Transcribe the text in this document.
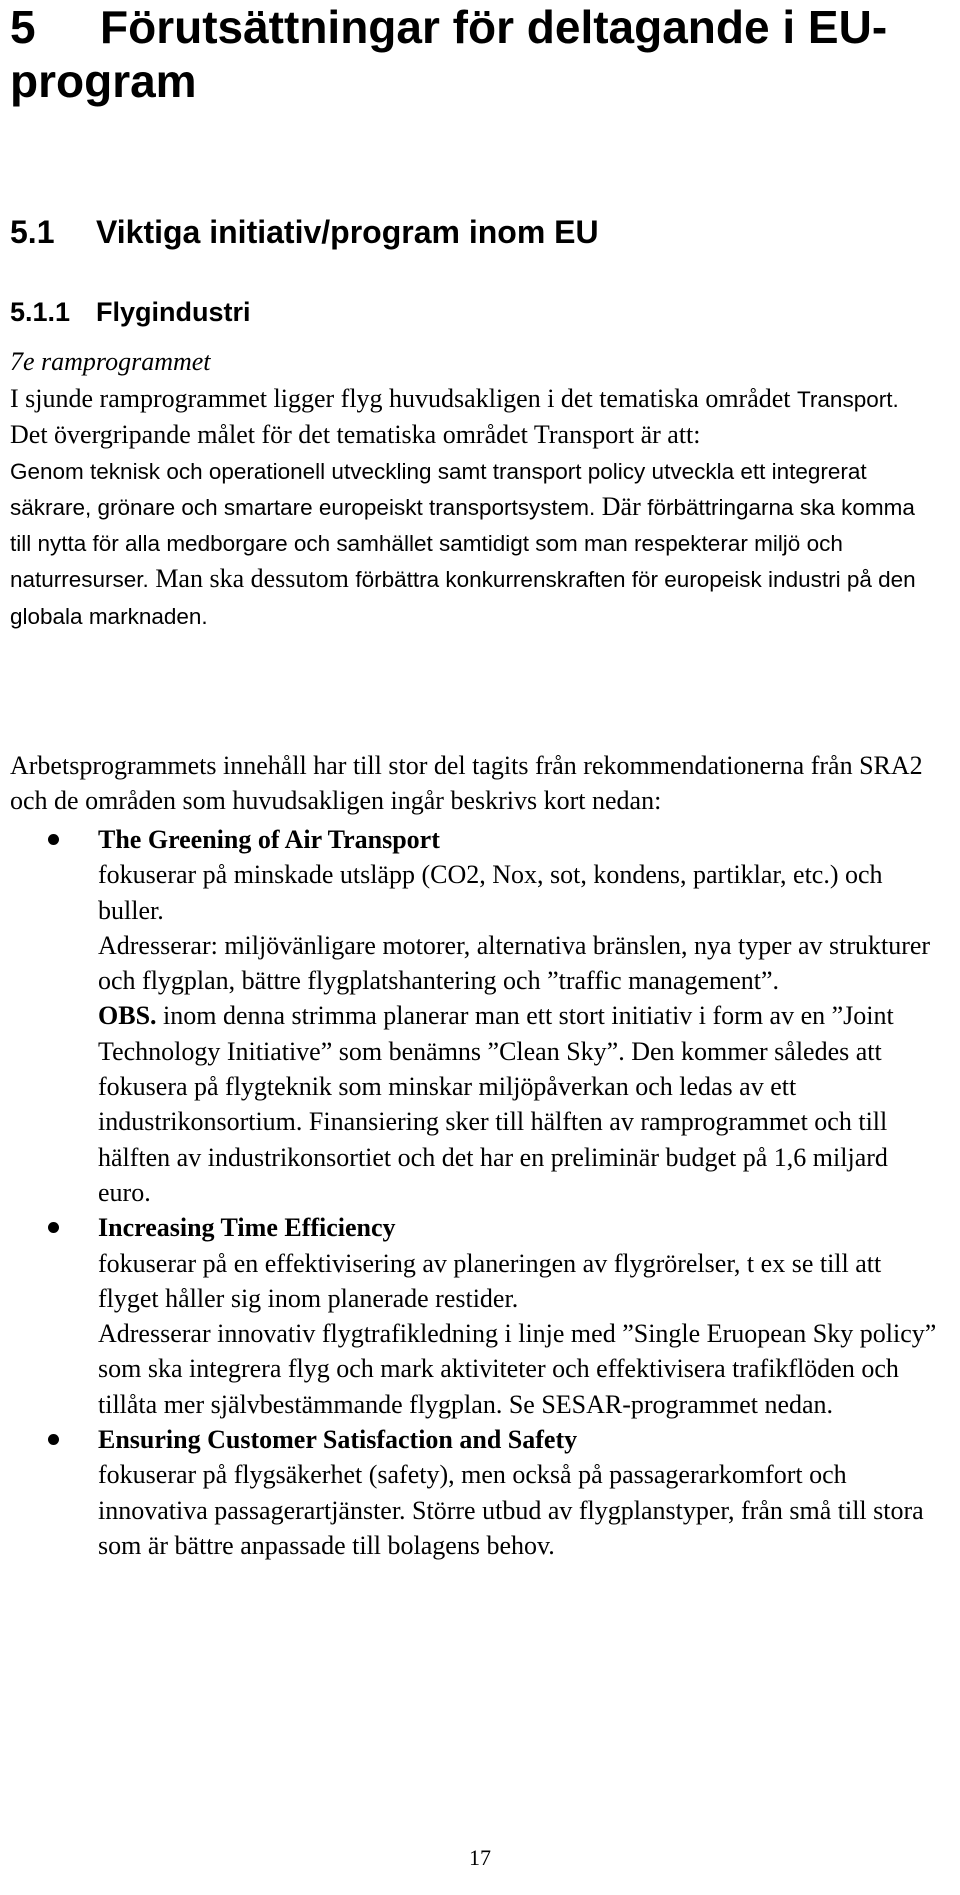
5 Förutsättningar för deltagande i EU-program
5.1 Viktiga initiativ/program inom EU
5.1.1 Flygindustri
7e ramprogrammet

I sjunde ramprogrammet ligger flyg huvudsakligen i det tematiska området Transport. Det övergripande målet för det tematiska området Transport är att:
Genom teknisk och operationell utveckling samt transport policy utveckla ett integrerat säkrare, grönare och smartare europeiskt transportsystem. Där förbättringarna ska komma till nytta för alla medborgare och samhället samtidigt som man respekterar miljö och naturresurser. Man ska dessutom förbättra konkurrenskraften för europeisk industri på den globala marknaden.

Arbetsprogrammets innehåll har till stor del tagits från rekommendationerna från SRA2 och de områden som huvudsakligen ingår beskrivs kort nedan:

The Greening of Air Transport
fokuserar på minskade utsläpp (CO2, Nox, sot, kondens, partiklar, etc.) och buller.
Adresserar: miljövänligare motorer, alternativa bränslen, nya typer av strukturer och flygplan, bättre flygplatshantering och ”traffic management”.
OBS. inom denna strimma planerar man ett stort initiativ i form av en ”Joint Technology Initiative” som benämns ”Clean Sky”. Den kommer således att fokusera på flygteknik som minskar miljöpåverkan och ledas av ett industrikonsortium. Finansiering sker till hälften av ramprogrammet och till hälften av industrikonsortiet och det har en preliminär budget på 1,6 miljard euro.
Increasing Time Efficiency
fokuserar på en effektivisering av planeringen av flygrörelser, t ex se till att flyget håller sig inom planerade restider.
Adresserar innovativ flygtrafikledning i linje med ”Single Eruopean Sky policy” som ska integrera flyg och mark aktiviteter och effektivisera trafikflöden och tillåta mer självbestämmande flygplan. Se SESAR-programmet nedan.
Ensuring Customer Satisfaction and Safety
fokuserar på flygsäkerhet (safety), men också på passagerarkomfort och innovativa passagerartjänster. Större utbud av flygplanstyper, från små till stora som är bättre anpassade till bolagens behov.
17
